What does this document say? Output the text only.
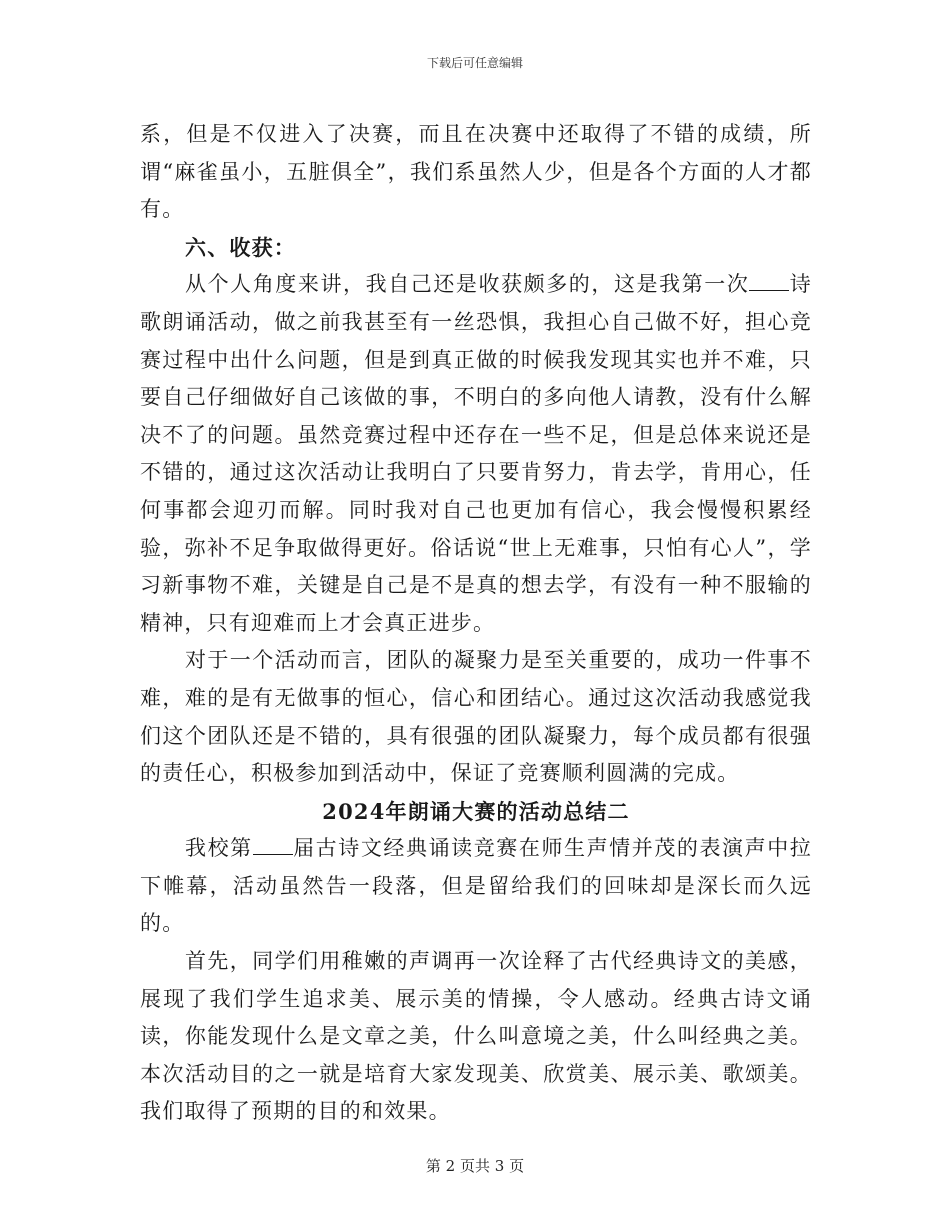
下载后可任意编辑

系，但是不仅进入了决赛，而且在决赛中还取得了不错的成绩，所谓“麻雀虽小，五脏俱全”，我们系虽然人少，但是各个方面的人才都有。

六、收获：

从个人角度来讲，我自己还是收获颇多的，这是我第一次 诗歌朗诵活动，做之前我甚至有一丝恐惧，我担心自己做不好，担心竞赛过程中出什么问题，但是到真正做的时候我发现其实也并不难，只要自己仔细做好自己该做的事，不明白的多向他人请教，没有什么解决不了的问题。虽然竞赛过程中还存在一些不足，但是总体来说还是不错的，通过这次活动让我明白了只要肯努力，肯去学，肯用心，任何事都会迎刃而解。同时我对自己也更加有信心，我会慢慢积累经验，弥补不足争取做得更好。俗话说“世上无难事，只怕有心人”，学习新事物不难，关键是自己是不是真的想去学，有没有一种不服输的精神，只有迎难而上才会真正进步。

对于一个活动而言，团队的凝聚力是至关重要的，成功一件事不难，难的是有无做事的恒心，信心和团结心。通过这次活动我感觉我们这个团队还是不错的，具有很强的团队凝聚力，每个成员都有很强的责任心，积极参加到活动中，保证了竞赛顺利圆满的完成。

2024年朗诵大赛的活动总结二

我校第 届古诗文经典诵读竞赛在师生声情并茂的表演声中拉下帷幕，活动虽然告一段落，但是留给我们的回味却是深长而久远的。

首先，同学们用稚嫩的声调再一次诠释了古代经典诗文的美感，展现了我们学生追求美、展示美的情操，令人感动。经典古诗文诵读，你能发现什么是文章之美，什么叫意境之美，什么叫经典之美。本次活动目的之一就是培育大家发现美、欣赏美、展示美、歌颂美。我们取得了预期的目的和效果。

第 2 页共 3 页
